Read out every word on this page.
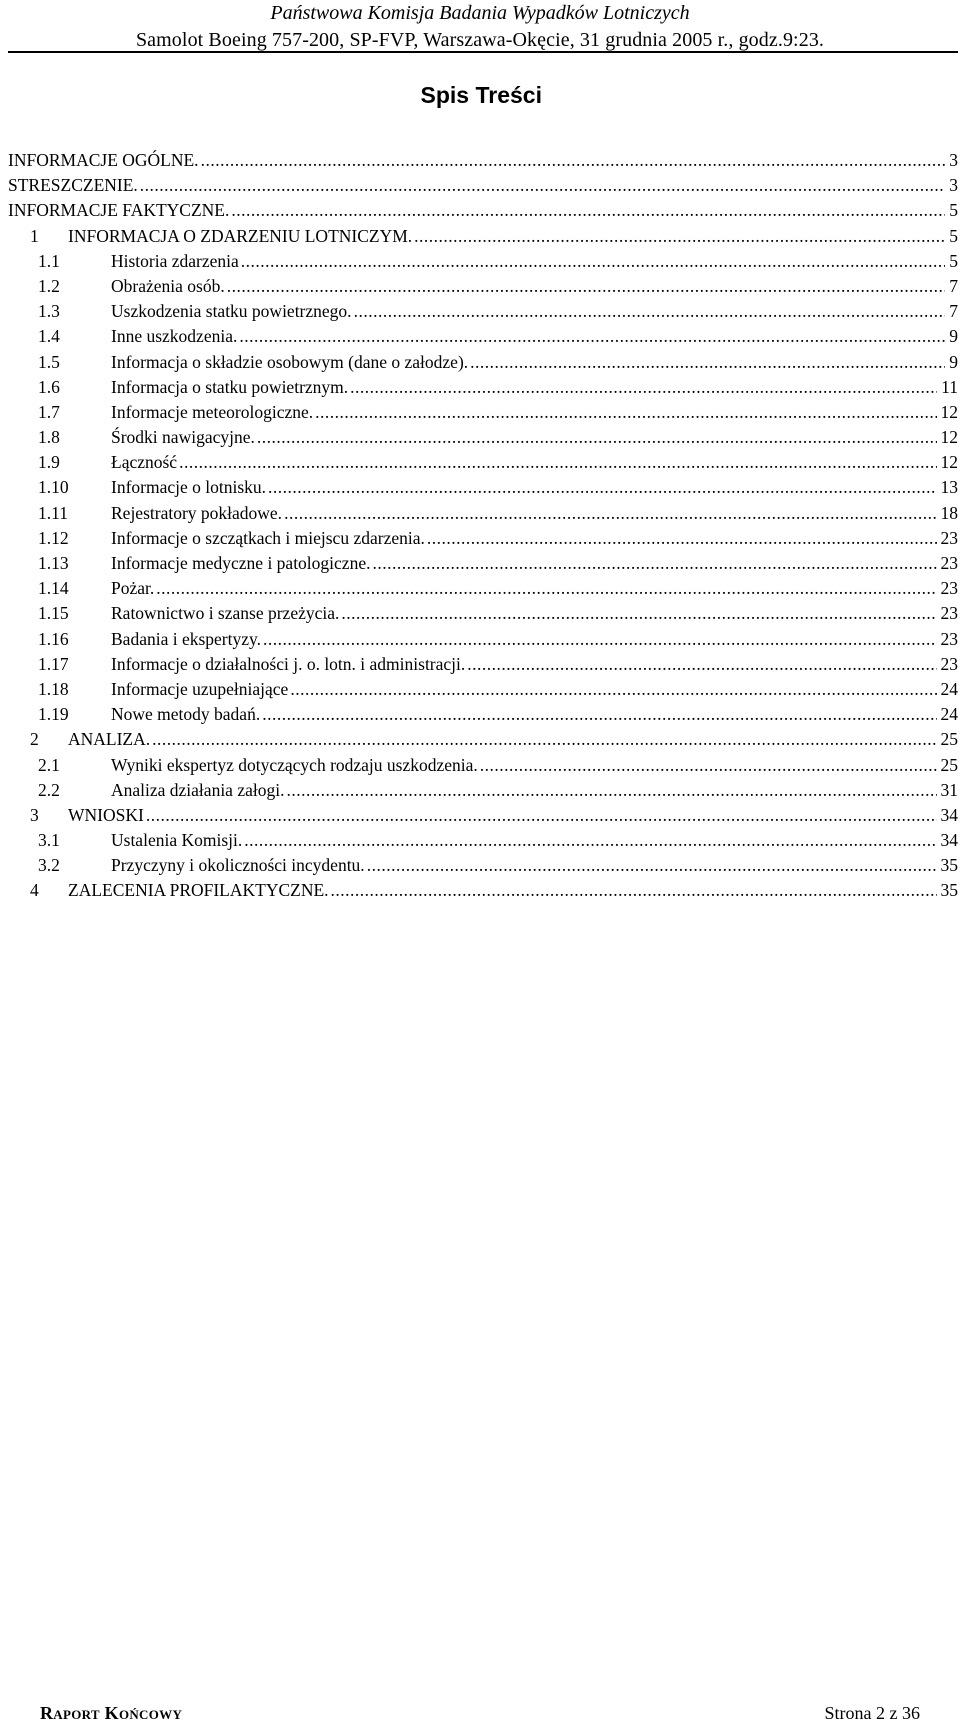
Państwowa Komisja Badania Wypadków Lotniczych
Samolot Boeing 757-200, SP-FVP, Warszawa-Okęcie, 31 grudnia 2005 r., godz.9:23.
Spis Treści
INFORMACJE OGÓLNE. .....	3
STRESZCZENIE. .....	3
INFORMACJE FAKTYCZNE. .....	5
1 INFORMACJA O ZDARZENIU LOTNICZYM. .....	5
1.1	Historia zdarzenia .....	5
1.2	Obrażenia osób. .....	7
1.3	Uszkodzenia statku powietrznego. .....	7
1.4	Inne uszkodzenia. .....	9
1.5	Informacja o składzie osobowym (dane o załodze). .....	9
1.6	Informacja o statku powietrznym. .....	11
1.7	Informacje meteorologiczne. .....	12
1.8	Środki nawigacyjne. .....	12
1.9	Łączność .....	12
1.10 Informacje o lotnisku. .....	13
1.11 Rejestratory pokładowe. .....	18
1.12 Informacje o szczątkach i miejscu zdarzenia. .....	23
1.13 Informacje medyczne i patologiczne. .....	23
1.14 Pożar. .....	23
1.15 Ratownictwo i szanse przeżycia. .....	23
1.16 Badania i ekspertyzy. .....	23
1.17 Informacje o działalności j. o. lotn. i administracji. .....	23
1.18 Informacje uzupełniające .....	24
1.19 Nowe metody badań. .....	24
2 ANALIZA. .....	25
2.1	Wyniki ekspertyz dotyczących rodzaju uszkodzenia. .....	25
2.2	Analiza działania załogi. .....	31
3 WNIOSKI .....	34
3.1	Ustalenia Komisji. .....	34
3.2	Przyczyny i okoliczności incydentu. .....	35
4 ZALECENIA PROFILAKTYCZNE. .....	35
Raport Końcowy	Strona 2 z 36
